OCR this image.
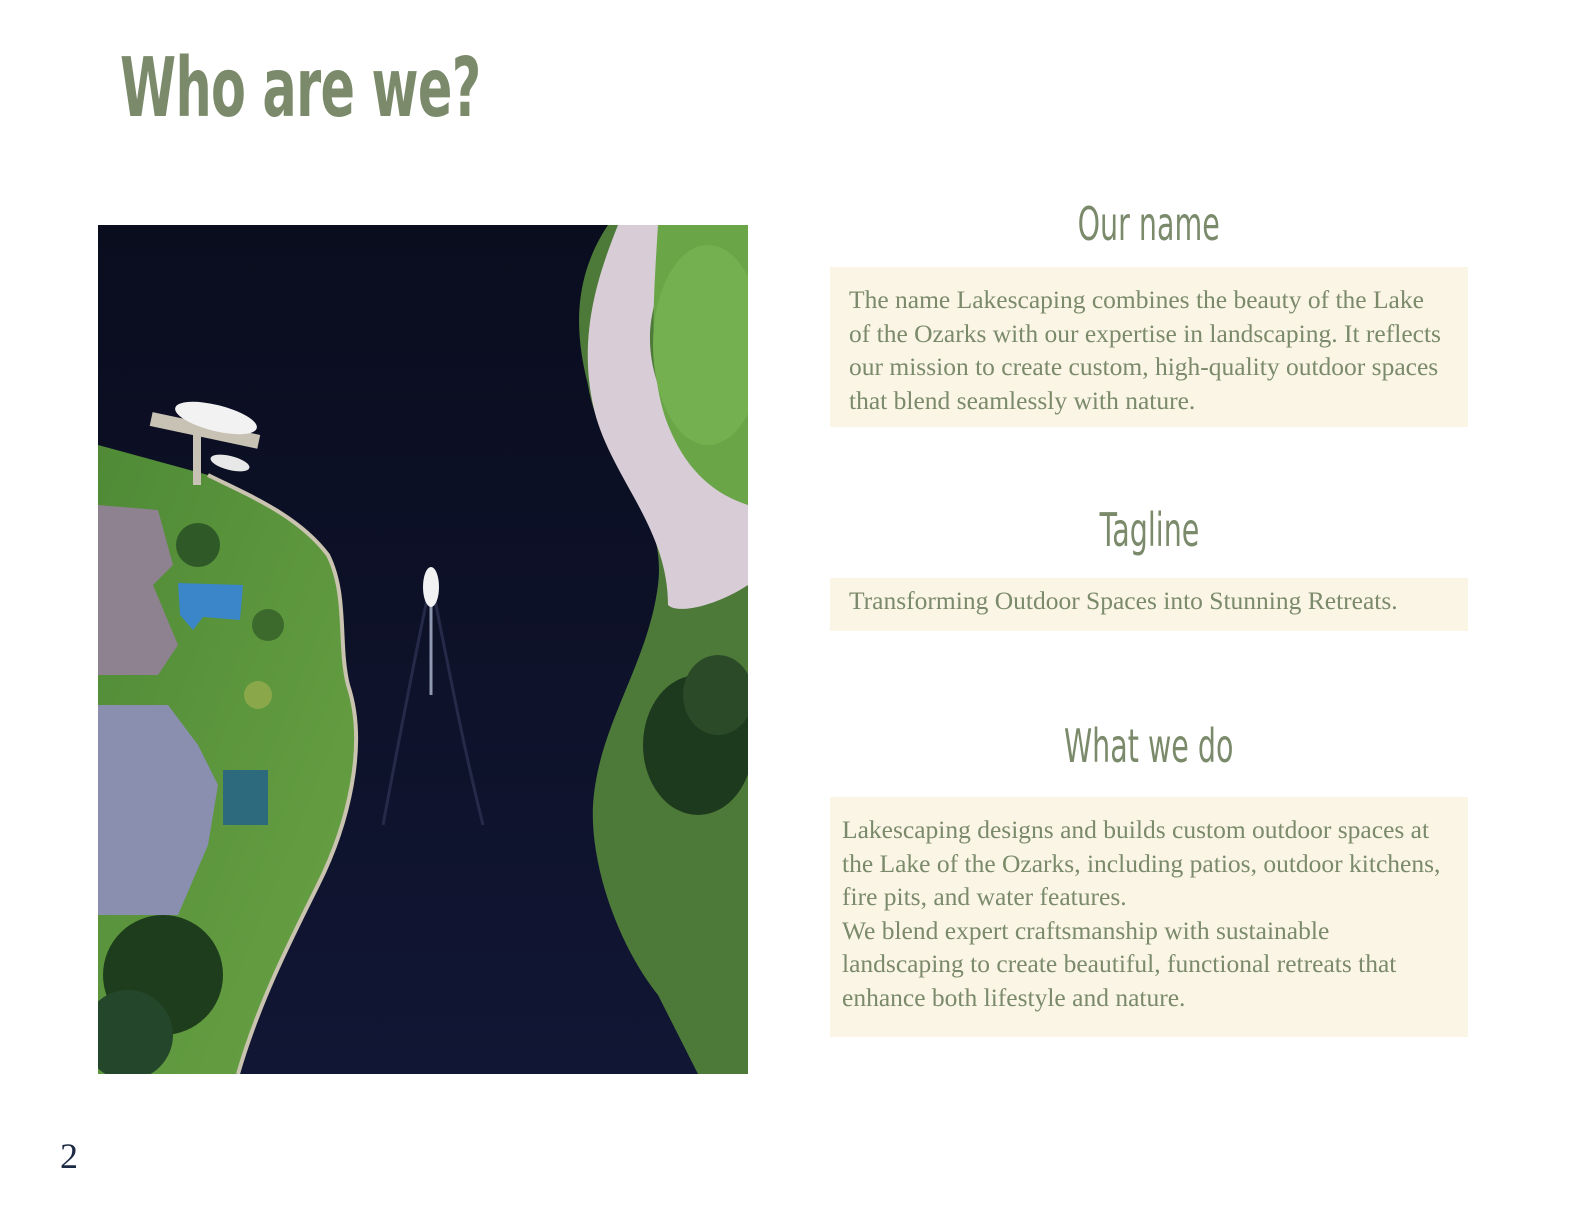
Who are we?
Our name

The name Lakescaping combines the beauty of the Lake of the Ozarks with our expertise in landscaping. It reflects our mission to create custom, high-quality outdoor spaces that blend seamlessly with nature.

Tagline

Transforming Outdoor Spaces into Stunning Retreats.

What we do

Lakescaping designs and builds custom outdoor spaces at the Lake of the Ozarks, including patios, outdoor kitchens, fire pits, and water features.

We blend expert craftsmanship with sustainable landscaping to create beautiful, functional retreats that enhance both lifestyle and nature.

2
